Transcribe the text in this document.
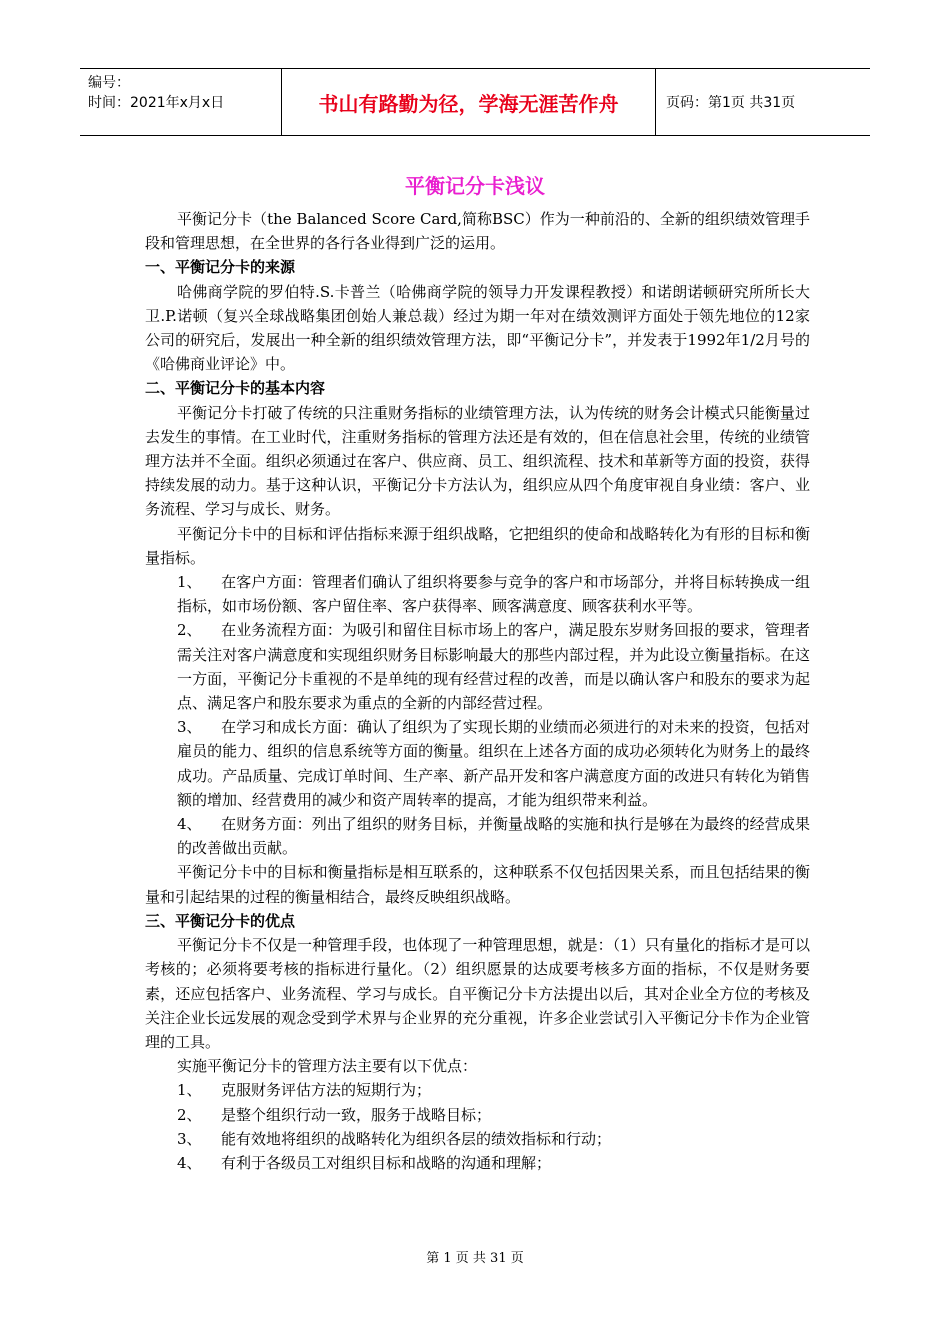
编号：
时间：2021年x月x日	书山有路勤为径，学海无涯苦作舟	页码：第1页 共31页
平衡记分卡浅议

平衡记分卡（the Balanced Score Card,简称BSC）作为一种前沿的、全新的组织绩效管理手段和管理思想，在全世界的各行各业得到广泛的运用。

一、平衡记分卡的来源

哈佛商学院的罗伯特.S.卡普兰（哈佛商学院的领导力开发课程教授）和诺朗诺顿研究所所长大卫.P.诺顿（复兴全球战略集团创始人兼总裁）经过为期一年对在绩效测评方面处于领先地位的12家公司的研究后，发展出一种全新的组织绩效管理方法，即“平衡记分卡”，并发表于1992年1/2月号的《哈佛商业评论》中。

二、平衡记分卡的基本内容

平衡记分卡打破了传统的只注重财务指标的业绩管理方法，认为传统的财务会计模式只能衡量过去发生的事情。在工业时代，注重财务指标的管理方法还是有效的，但在信息社会里，传统的业绩管理方法并不全面。组织必须通过在客户、供应商、员工、组织流程、技术和革新等方面的投资，获得持续发展的动力。基于这种认识，平衡记分卡方法认为，组织应从四个角度审视自身业绩：客户、业务流程、学习与成长、财务。

平衡记分卡中的目标和评估指标来源于组织战略，它把组织的使命和战略转化为有形的目标和衡量指标。

1、 在客户方面：管理者们确认了组织将要参与竞争的客户和市场部分，并将目标转换成一组指标，如市场份额、客户留住率、客户获得率、顾客满意度、顾客获利水平等。

2、 在业务流程方面：为吸引和留住目标市场上的客户，满足股东岁财务回报的要求，管理者需关注对客户满意度和实现组织财务目标影响最大的那些内部过程，并为此设立衡量指标。在这一方面，平衡记分卡重视的不是单纯的现有经营过程的改善，而是以确认客户和股东的要求为起点、满足客户和股东要求为重点的全新的内部经营过程。

3、 在学习和成长方面：确认了组织为了实现长期的业绩而必须进行的对未来的投资，包括对雇员的能力、组织的信息系统等方面的衡量。组织在上述各方面的成功必须转化为财务上的最终成功。产品质量、完成订单时间、生产率、新产品开发和客户满意度方面的改进只有转化为销售额的增加、经营费用的减少和资产周转率的提高，才能为组织带来利益。

4、 在财务方面：列出了组织的财务目标，并衡量战略的实施和执行是够在为最终的经营成果的改善做出贡献。

平衡记分卡中的目标和衡量指标是相互联系的，这种联系不仅包括因果关系，而且包括结果的衡量和引起结果的过程的衡量相结合，最终反映组织战略。

三、平衡记分卡的优点

平衡记分卡不仅是一种管理手段，也体现了一种管理思想，就是：（1）只有量化的指标才是可以考核的；必须将要考核的指标进行量化。（2）组织愿景的达成要考核多方面的指标，不仅是财务要素，还应包括客户、业务流程、学习与成长。自平衡记分卡方法提出以后，其对企业全方位的考核及关注企业长远发展的观念受到学术界与企业界的充分重视，许多企业尝试引入平衡记分卡作为企业管理的工具。

实施平衡记分卡的管理方法主要有以下优点：

1、 克服财务评估方法的短期行为；

2、 是整个组织行动一致，服务于战略目标；

3、 能有效地将组织的战略转化为组织各层的绩效指标和行动；

4、 有利于各级员工对组织目标和战略的沟通和理解；

第 1 页 共 31 页
